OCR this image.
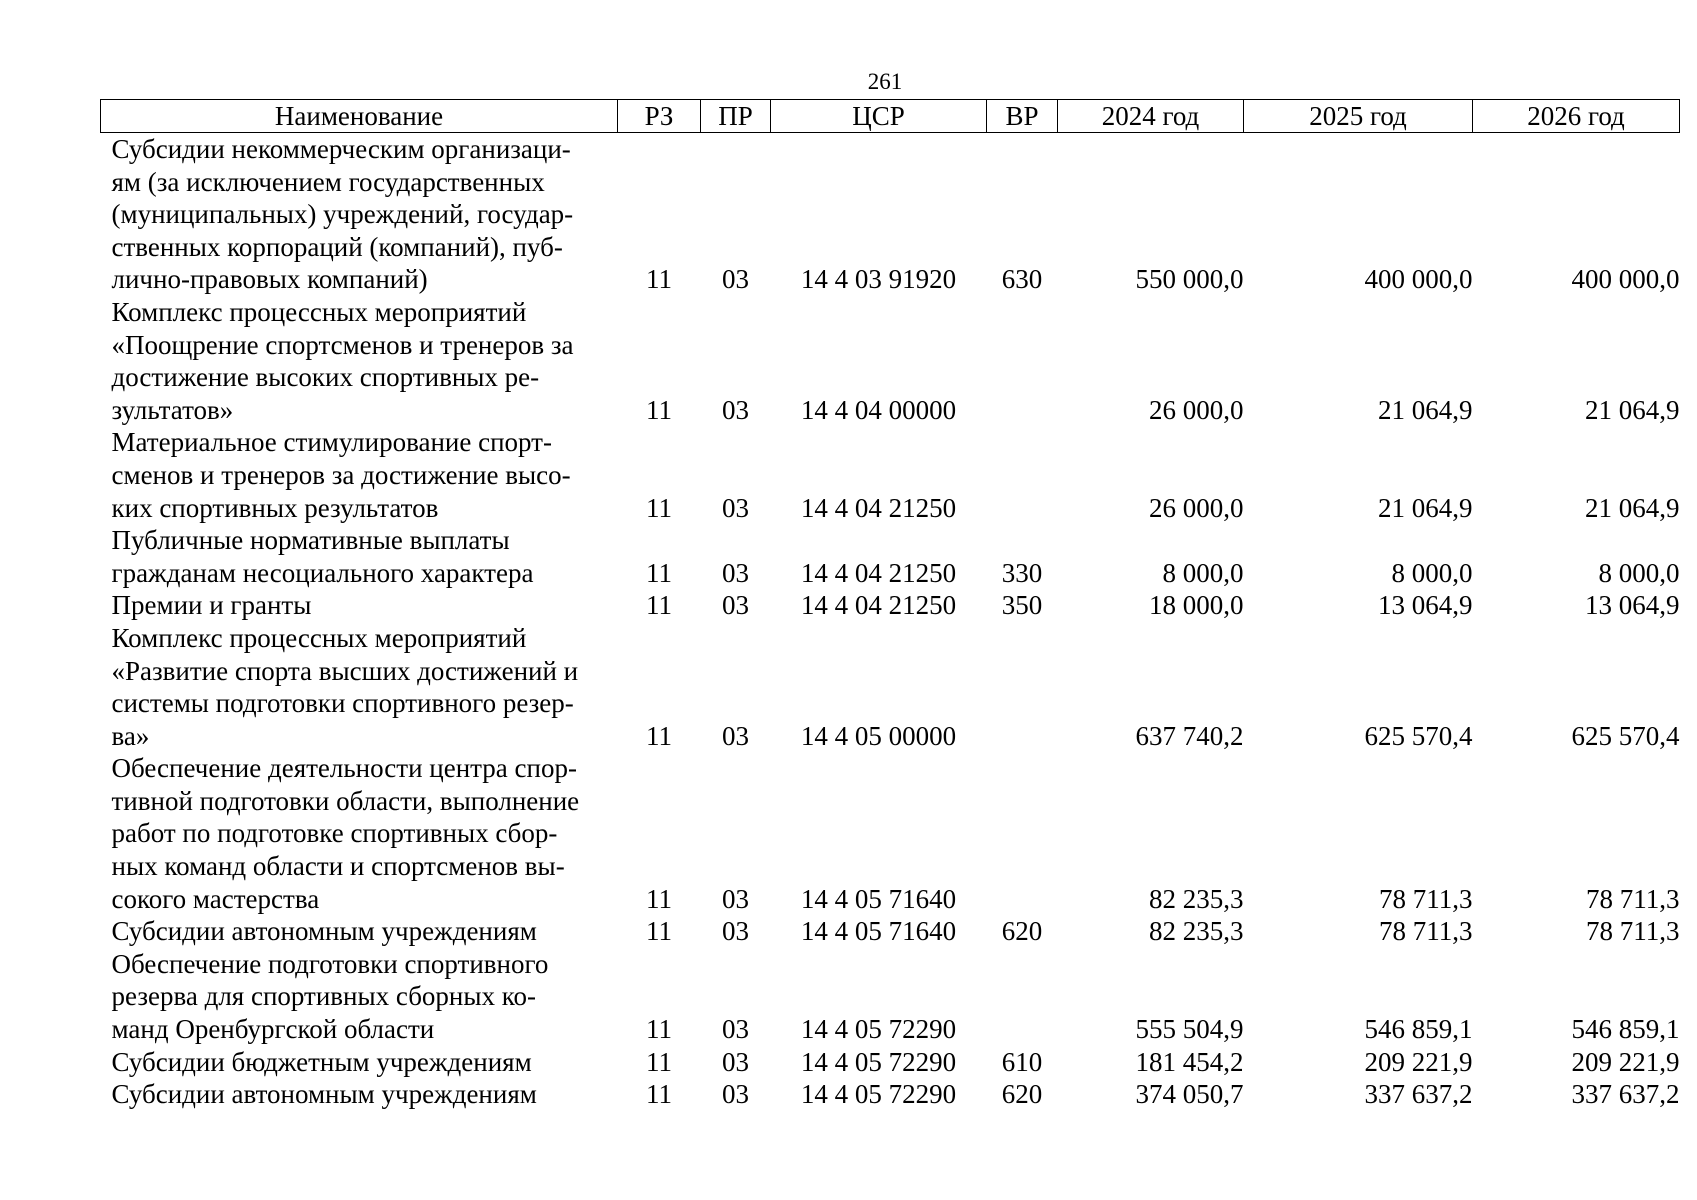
261
Наименование	РЗ	ПР	ЦСР	ВР	2024 год	2025 год	2026 год

Субсидии некоммерческим организаци-
ям (за исключением государственных
(муниципальных) учреждений, государ-
ственных корпораций (компаний), пуб-
лично-правовых компаний)	11	03	14 4 03 91920	630	550 000,0	400 000,0	400 000,0

Комплекс процессных мероприятий
«Поощрение спортсменов и тренеров за
достижение высоких спортивных ре-
зультатов»	11	03	14 4 04 00000		26 000,0	21 064,9	21 064,9

Материальное стимулирование спорт-
сменов и тренеров за достижение высо-
ких спортивных результатов	11	03	14 4 04 21250		26 000,0	21 064,9	21 064,9

Публичные нормативные выплаты
гражданам несоциального характера	11	03	14 4 04 21250	330	8 000,0	8 000,0	8 000,0

Премии и гранты	11	03	14 4 04 21250	350	18 000,0	13 064,9	13 064,9

Комплекс процессных мероприятий
«Развитие спорта высших достижений и
системы подготовки спортивного резер-
ва»	11	03	14 4 05 00000		637 740,2	625 570,4	625 570,4

Обеспечение деятельности центра спор-
тивной подготовки области, выполнение
работ по подготовке спортивных сбор-
ных команд области и спортсменов вы-
сокого мастерства	11	03	14 4 05 71640		82 235,3	78 711,3	78 711,3

Субсидии автономным учреждениям	11	03	14 4 05 71640	620	82 235,3	78 711,3	78 711,3

Обеспечение подготовки спортивного
резерва для спортивных сборных ко-
манд Оренбургской области	11	03	14 4 05 72290		555 504,9	546 859,1	546 859,1

Субсидии бюджетным учреждениям	11	03	14 4 05 72290	610	181 454,2	209 221,9	209 221,9

Субсидии автономным учреждениям	11	03	14 4 05 72290	620	374 050,7	337 637,2	337 637,2
